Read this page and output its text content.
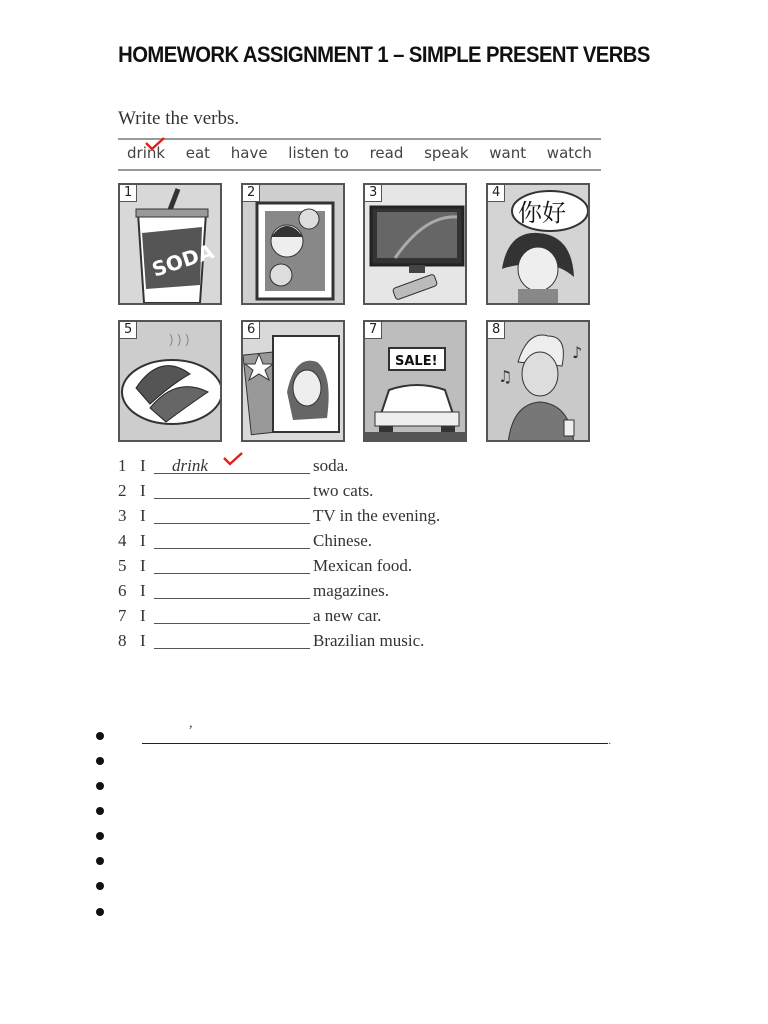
HOMEWORK ASSIGNMENT 1 – SIMPLE PRESENT VERBS
Write the verbs.
drink	eat	have	listen to	read	speak	want	watch
1
SODA
2	3	4
你好
5	6	7
SALE!
8
♪
♫
1 I drink	soda.
2 I	two cats.
3 I	TV in the evening.
4 I	Chinese.
5 I	Mexican food.
6 I	magazines.
7 I	a new car.
8 I	Brazilian music.
,
..
